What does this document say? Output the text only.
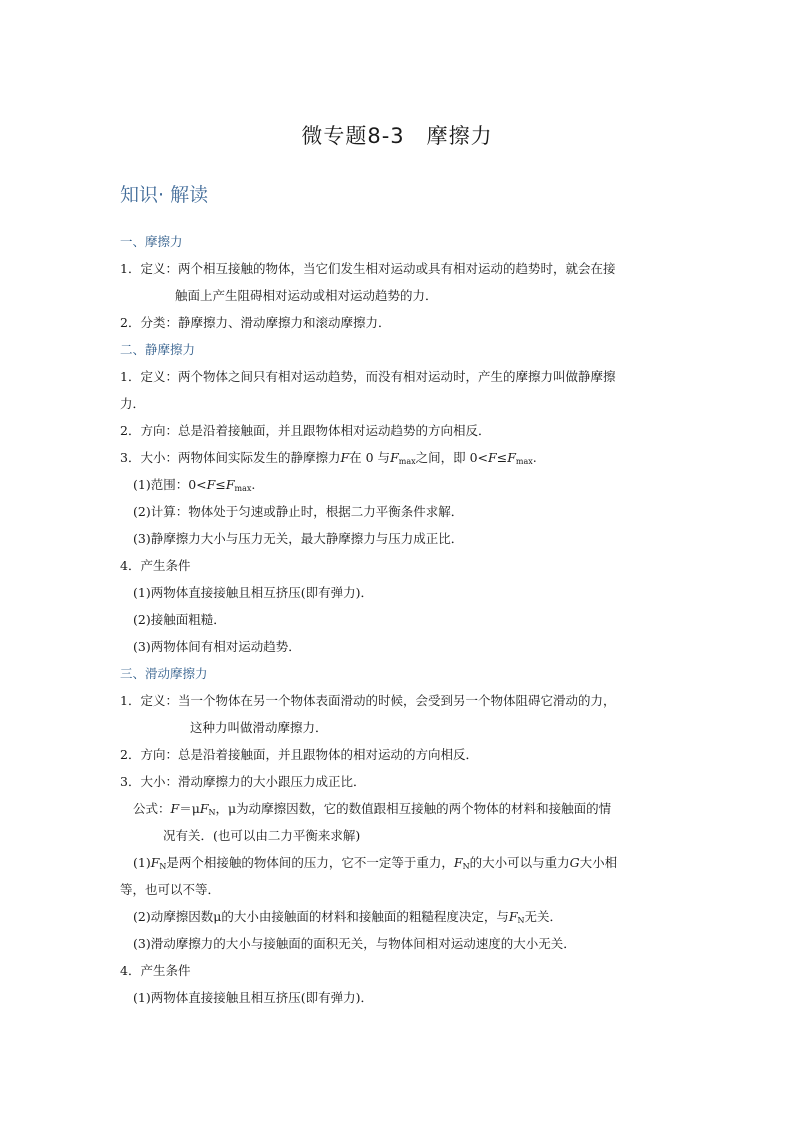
微专题8-3　摩擦力
知识· 解读
一、摩擦力
1．定义：两个相互接触的物体，当它们发生相对运动或具有相对运动的趋势时，就会在接
触面上产生阻碍相对运动或相对运动趋势的力．
2．分类：静摩擦力、滑动摩擦力和滚动摩擦力．
二、静摩擦力
1．定义：两个物体之间只有相对运动趋势，而没有相对运动时，产生的摩擦力叫做静摩擦
力．
2．方向：总是沿着接触面，并且跟物体相对运动趋势的方向相反．
3．大小：两物体间实际发生的静摩擦力F在 0 与$F_{max}$之间，即 $0<F\le F_{max}$.
(1)范围：$0<F\le F_{max}$.
(2)计算：物体处于匀速或静止时，根据二力平衡条件求解．
(3)静摩擦力大小与压力无关，最大静摩擦力与压力成正比．
4．产生条件
(1)两物体直接接触且相互挤压(即有弹力)．
(2)接触面粗糙．
(3)两物体间有相对运动趋势．
三、滑动摩擦力
1．定义：当一个物体在另一个物体表面滑动的时候，会受到另一个物体阻碍它滑动的力，
这种力叫做滑动摩擦力．
2．方向：总是沿着接触面，并且跟物体的相对运动的方向相反．
3．大小：滑动摩擦力的大小跟压力成正比．
公式：$F=\mu F_N$，μ为动摩擦因数，它的数值跟相互接触的两个物体的材料和接触面的情
况有关．(也可以由二力平衡来求解)
$(1)F_N$是两个相接触的物体间的压力，它不一定等于重力，$F_N$的大小可以与重力G大小相
等，也可以不等．
(2)动摩擦因数μ的大小由接触面的材料和接触面的粗糙程度决定，与$F_N$无关．
(3)滑动摩擦力的大小与接触面的面积无关，与物体间相对运动速度的大小无关．
4．产生条件
(1)两物体直接接触且相互挤压(即有弹力)．
